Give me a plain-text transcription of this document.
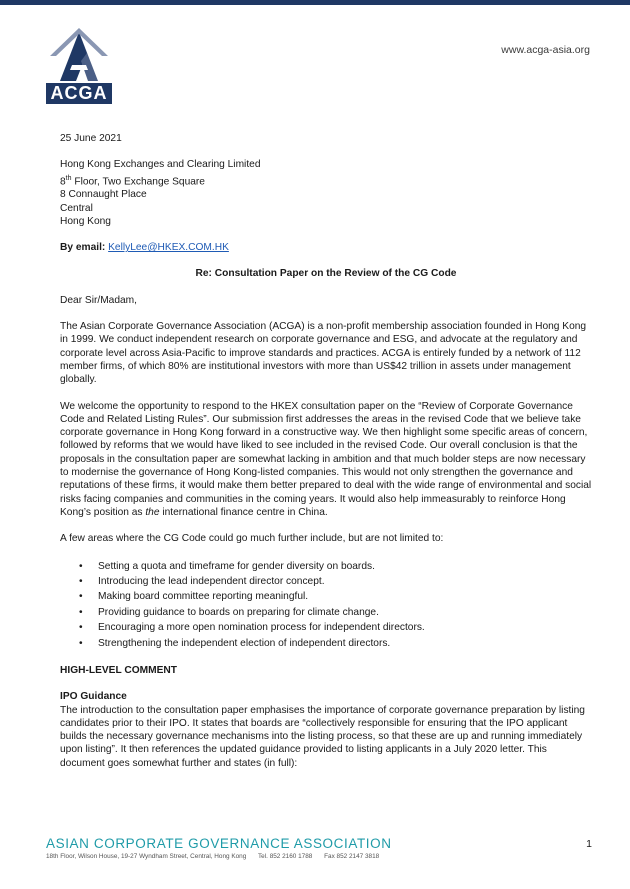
ACGA
www.acga-asia.org

25 June 2021

Hong Kong Exchanges and Clearing Limited

8th Floor, Two Exchange Square

8 Connaught Place

Central

Hong Kong

By email: KellyLee@HKEX.COM.HK

Re: Consultation Paper on the Review of the CG Code

Dear Sir/Madam,

The Asian Corporate Governance Association (ACGA) is a non-profit membership association founded in Hong Kong in 1999. We conduct independent research on corporate governance and ESG, and advocate at the regulatory and corporate level across Asia-Pacific to improve standards and practices. ACGA is entirely funded by a network of 112 member firms, of which 80% are institutional investors with more than US$42 trillion in assets under management globally.

We welcome the opportunity to respond to the HKEX consultation paper on the “Review of Corporate Governance Code and Related Listing Rules”. Our submission first addresses the areas in the revised Code that we believe take corporate governance in Hong Kong forward in a constructive way. We then highlight some specific areas of concern, followed by reforms that we would have liked to see included in the revised Code. Our overall conclusion is that the proposals in the consultation paper are somewhat lacking in ambition and that much bolder steps are now necessary to modernise the governance of Hong Kong-listed companies. This would not only strengthen the governance and reputations of these firms, it would make them better prepared to deal with the wide range of environmental and social risks facing companies and communities in the coming years. It would also help immeasurably to reinforce Hong Kong’s position as the international finance centre in China.

A few areas where the CG Code could go much further include, but are not limited to:

• Setting a quota and timeframe for gender diversity on boards.
• Introducing the lead independent director concept.
• Making board committee reporting meaningful.
• Providing guidance to boards on preparing for climate change.
• Encouraging a more open nomination process for independent directors.
• Strengthening the independent election of independent directors.

HIGH-LEVEL COMMENT

IPO Guidance

The introduction to the consultation paper emphasises the importance of corporate governance preparation by listing candidates prior to their IPO. It states that boards are “collectively responsible for ensuring that the IPO applicant builds the necessary governance mechanisms into the listing process, so that these are up and running immediately upon listing”. It then references the updated guidance provided to listing applicants in a July 2020 letter. This document goes somewhat further and states (in full):

ASIAN CORPORATE GOVERNANCE ASSOCIATION
18th Floor, Wilson House, 19-27 Wyndham Street, Central, Hong Kong Tel. 852 2160 1788 Fax 852 2147 3818
1
